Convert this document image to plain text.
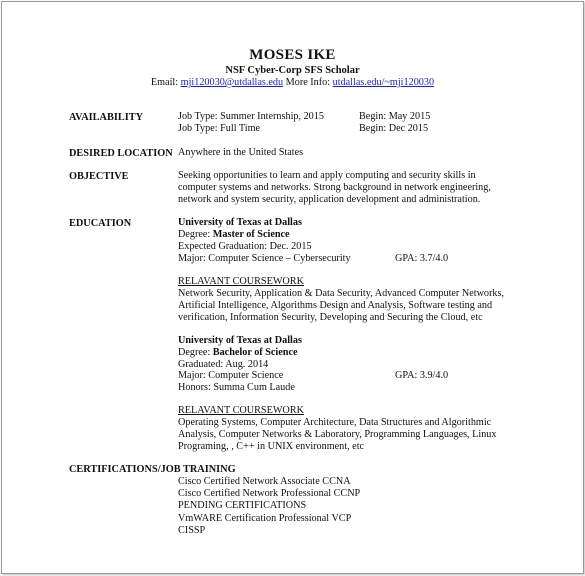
MOSES IKE
NSF Cyber-Corp SFS Scholar
Email: mji120030@utdallas.edu More Info: utdallas.edu/~mji120030
AVAILABILITY	Job Type: Summer Internship, 2015	Begin: May 2015
Job Type: Full Time	Begin: Dec 2015
DESIRED LOCATION Anywhere in the United States
OBJECTIVE	Seeking opportunities to learn and apply computing and security skills in
computer systems and networks. Strong background in network engineering,
network and system security, application development and administration.
EDUCATION	University of Texas at Dallas
Degree: Master of Science
Expected Graduation: Dec. 2015
Major: Computer Science – Cybersecurity	GPA: 3.7/4.0
RELAVANT COURSEWORK
Network Security, Application & Data Security, Advanced Computer Networks,
Artificial Intelligence, Algorithms Design and Analysis, Software testing and
verification, Information Security, Developing and Securing the Cloud, etc
University of Texas at Dallas
Degree: Bachelor of Science
Graduated: Aug. 2014
Major: Computer Science	GPA: 3.9/4.0
Honors: Summa Cum Laude
RELAVANT COURSEWORK
Operating Systems, Computer Architecture, Data Structures and Algorithmic
Analysis, Computer Networks & Laboratory, Programming Languages, Linux
Programing, , C++ in UNIX environment, etc
CERTIFICATIONS/JOB TRAINING
Cisco Certified Network Associate CCNA
Cisco Certified Network Professional CCNP
PENDING CERTIFICATIONS
VmWARE Certification Professional VCP
CISSP
